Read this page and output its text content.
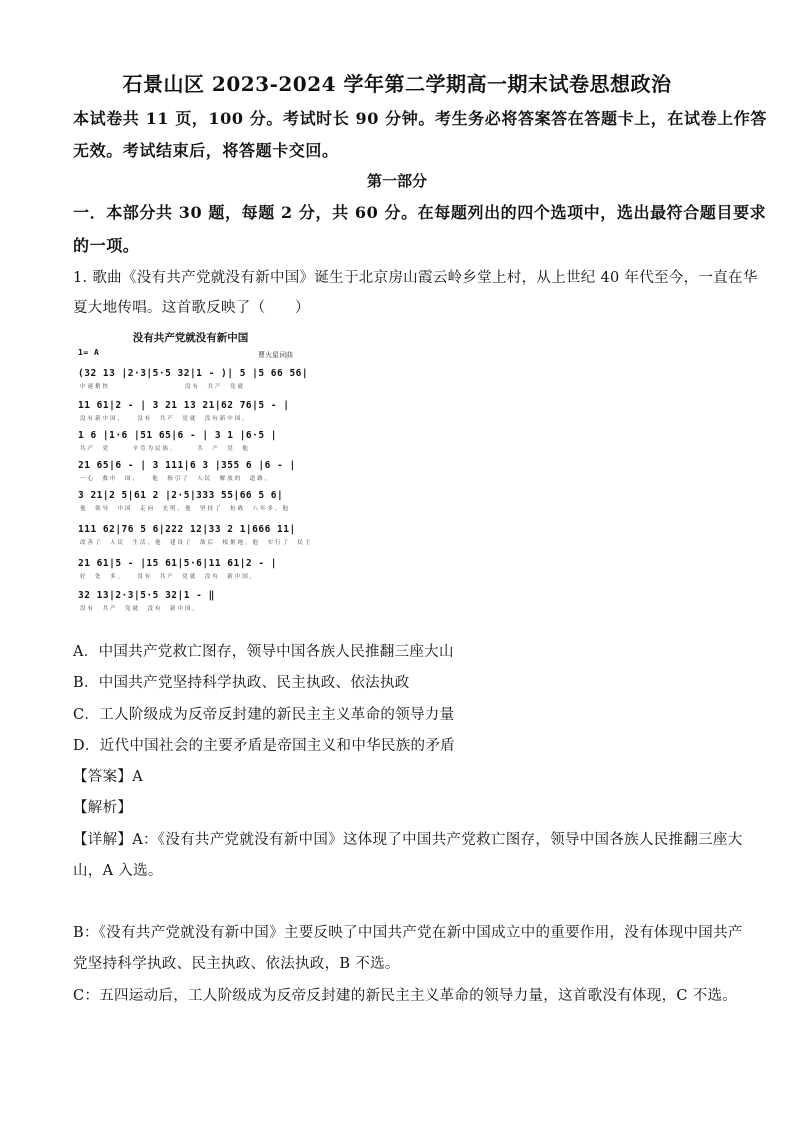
石景山区 2023-2024 学年第二学期高一期末试卷思想政治
本试卷共 11 页，100 分。考试时长 90 分钟。考生务必将答案答在答题卡上，在试卷上作答
无效。考试结束后，将答题卡交回。
第一部分
一．本部分共 30 题，每题 2 分，共 60 分。在每题列出的四个选项中，选出最符合题目要求
的一项。
1. 歌曲《没有共产党就没有新中国》诞生于北京房山霞云岭乡堂上村，从上世纪 40 年代至今，一直在华
夏大地传唱。这首歌反映了（　　）
没有共产党就没有新中国
1= A	曹火星词曲
(32 13 |2·3|5·5 32|1 - )| 5 |5 66 56|
中速稍快　　　　　　　　　　没有　共产　党就
11 61|2 - | 3 21 13 21|62 76|5 - |
没有新中国，　　没有　共产　党就　没有新中国。
1 6 |1·6 |51 65|6 - | 3 1 |6·5 |
共产　党　　　辛劳为民族，　　　共　产　党　他
21 65|6 - | 3 111|6 3 |355 6 |6 - |
一心　救中　国，　　他　指引了　人民　解放的　道路，
3 21|2 5|61 2 |2·5|333 55|66 5 6|
他　领导　中国　走向　光明，他　坚持了　抗战　八年多，他
111 62|76 5 6|222 12|33 2 1|666 11|
改善了　人民　生活，他　建设了　敌后　根据地，他　实行了　民主
21 61|5 - |15 61|5·6|11 61|2 - |
好　处　多。　　没有　共产　党就　没有　新中国，
32 13|2·3|5·5 32|1 - ‖
没有　共产　党就　没有　新中国。
A．中国共产党救亡图存，领导中国各族人民推翻三座大山
B．中国共产党坚持科学执政、民主执政、依法执政
C．工人阶级成为反帝反封建的新民主主义革命的领导力量
D．近代中国社会的主要矛盾是帝国主义和中华民族的矛盾
【答案】A
【解析】
【详解】A：《没有共产党就没有新中国》这体现了中国共产党救亡图存，领导中国各族人民推翻三座大
山，A 入选。
B：《没有共产党就没有新中国》主要反映了中国共产党在新中国成立中的重要作用，没有体现中国共产
党坚持科学执政、民主执政、依法执政，B 不选。
C：五四运动后，工人阶级成为反帝反封建的新民主主义革命的领导力量，这首歌没有体现，C 不选。
